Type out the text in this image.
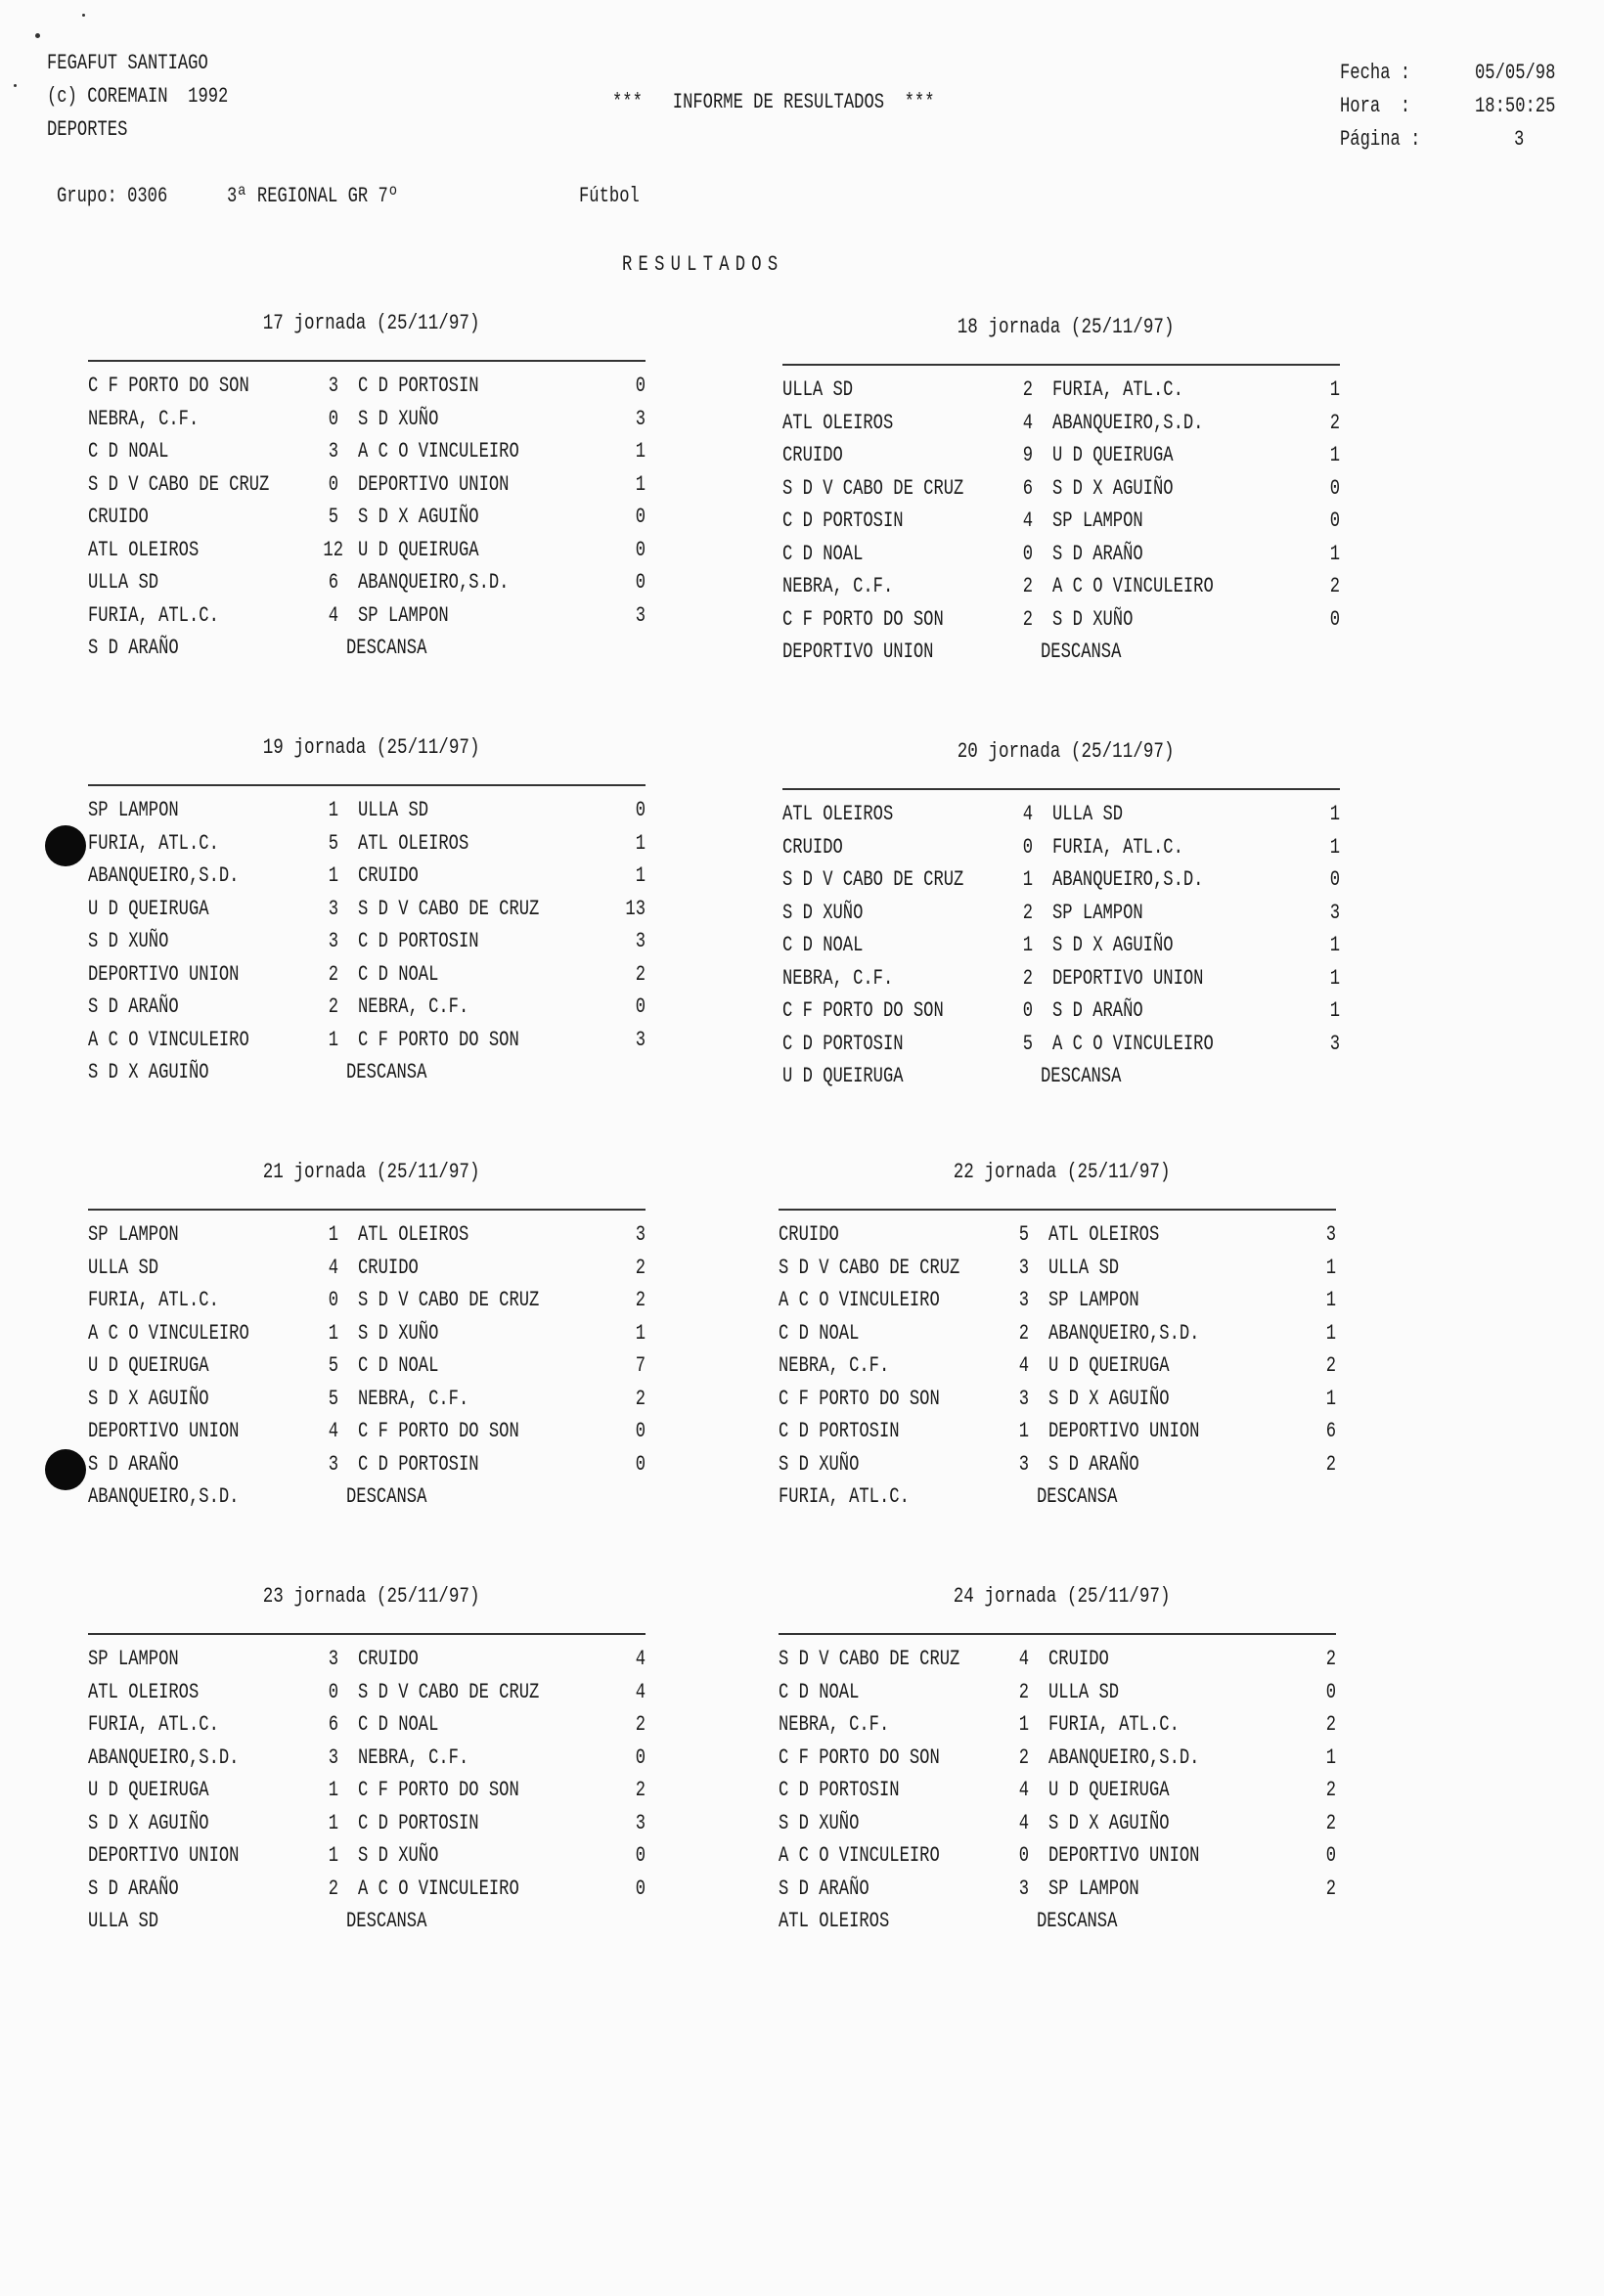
FEGAFUT SANTIAGO
(c) COREMAIN  1992
DEPORTES
***   INFORME DE RESULTADOS  ***
Fecha :	05/05/98
Hora  :	18:50:25
Página :	3
Grupo: 0306	3ª REGIONAL GR 7º	Fútbol
RESULTADOS
17 jornada (25/11/97)
C F PORTO DO SON	3 C D PORTOSIN	0
NEBRA, C.F.	0 S D XUÑO	3
C D NOAL	3 A C O VINCULEIRO	1
S D V CABO DE CRUZ	0 DEPORTIVO UNION	1
CRUIDO	5 S D X AGUIÑO	0
ATL OLEIROS	12 U D QUEIRUGA	0
ULLA SD	6 ABANQUEIRO,S.D.	0
FURIA, ATL.C.	4 SP LAMPON	3
S D ARAÑO	DESCANSA
18 jornada (25/11/97)
ULLA SD	2 FURIA, ATL.C.	1
ATL OLEIROS	4 ABANQUEIRO,S.D.	2
CRUIDO	9 U D QUEIRUGA	1
S D V CABO DE CRUZ	6 S D X AGUIÑO	0
C D PORTOSIN	4 SP LAMPON	0
C D NOAL	0 S D ARAÑO	1
NEBRA, C.F.	2 A C O VINCULEIRO	2
C F PORTO DO SON	2 S D XUÑO	0
DEPORTIVO UNION	DESCANSA
19 jornada (25/11/97)
SP LAMPON	1 ULLA SD	0
FURIA, ATL.C.	5 ATL OLEIROS	1
ABANQUEIRO,S.D.	1 CRUIDO	1
U D QUEIRUGA	3 S D V CABO DE CRUZ	13
S D XUÑO	3 C D PORTOSIN	3
DEPORTIVO UNION	2 C D NOAL	2
S D ARAÑO	2 NEBRA, C.F.	0
A C O VINCULEIRO	1 C F PORTO DO SON	3
S D X AGUIÑO	DESCANSA
20 jornada (25/11/97)
ATL OLEIROS	4 ULLA SD	1
CRUIDO	0 FURIA, ATL.C.	1
S D V CABO DE CRUZ	1 ABANQUEIRO,S.D.	0
S D XUÑO	2 SP LAMPON	3
C D NOAL	1 S D X AGUIÑO	1
NEBRA, C.F.	2 DEPORTIVO UNION	1
C F PORTO DO SON	0 S D ARAÑO	1
C D PORTOSIN	5 A C O VINCULEIRO	3
U D QUEIRUGA	DESCANSA
21 jornada (25/11/97)
SP LAMPON	1 ATL OLEIROS	3
ULLA SD	4 CRUIDO	2
FURIA, ATL.C.	0 S D V CABO DE CRUZ	2
A C O VINCULEIRO	1 S D XUÑO	1
U D QUEIRUGA	5 C D NOAL	7
S D X AGUIÑO	5 NEBRA, C.F.	2
DEPORTIVO UNION	4 C F PORTO DO SON	0
S D ARAÑO	3 C D PORTOSIN	0
ABANQUEIRO,S.D.	DESCANSA
22 jornada (25/11/97)
CRUIDO	5 ATL OLEIROS	3
S D V CABO DE CRUZ	3 ULLA SD	1
A C O VINCULEIRO	3 SP LAMPON	1
C D NOAL	2 ABANQUEIRO,S.D.	1
NEBRA, C.F.	4 U D QUEIRUGA	2
C F PORTO DO SON	3 S D X AGUIÑO	1
C D PORTOSIN	1 DEPORTIVO UNION	6
S D XUÑO	3 S D ARAÑO	2
FURIA, ATL.C.	DESCANSA
23 jornada (25/11/97)
SP LAMPON	3 CRUIDO	4
ATL OLEIROS	0 S D V CABO DE CRUZ	4
FURIA, ATL.C.	6 C D NOAL	2
ABANQUEIRO,S.D.	3 NEBRA, C.F.	0
U D QUEIRUGA	1 C F PORTO DO SON	2
S D X AGUIÑO	1 C D PORTOSIN	3
DEPORTIVO UNION	1 S D XUÑO	0
S D ARAÑO	2 A C O VINCULEIRO	0
ULLA SD	DESCANSA
24 jornada (25/11/97)
S D V CABO DE CRUZ	4 CRUIDO	2
C D NOAL	2 ULLA SD	0
NEBRA, C.F.	1 FURIA, ATL.C.	2
C F PORTO DO SON	2 ABANQUEIRO,S.D.	1
C D PORTOSIN	4 U D QUEIRUGA	2
S D XUÑO	4 S D X AGUIÑO	2
A C O VINCULEIRO	0 DEPORTIVO UNION	0
S D ARAÑO	3 SP LAMPON	2
ATL OLEIROS	DESCANSA
